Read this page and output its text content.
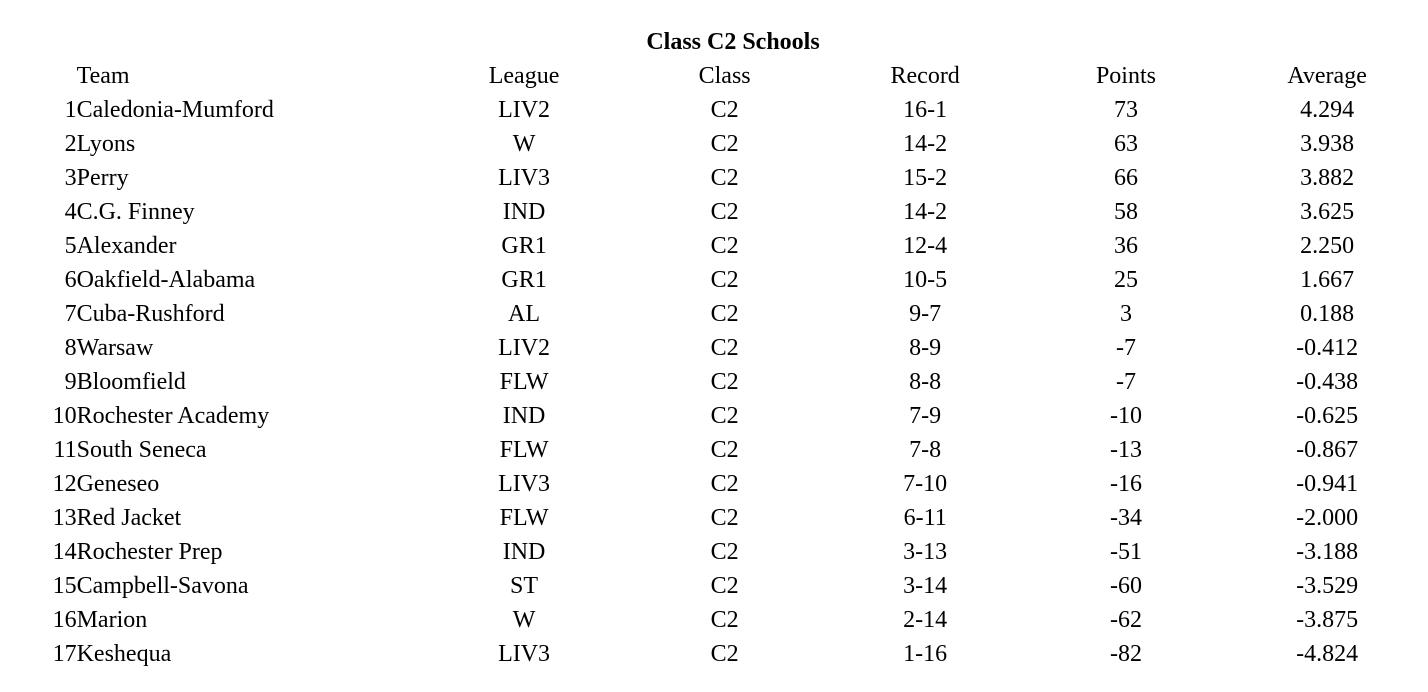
Class C2 Schools
	Team	League	Class	Record	Points	Average
1	Caledonia-Mumford	LIV2	C2	16-1	73	4.294
2	Lyons	W	C2	14-2	63	3.938
3	Perry	LIV3	C2	15-2	66	3.882
4	C.G. Finney	IND	C2	14-2	58	3.625
5	Alexander	GR1	C2	12-4	36	2.250
6	Oakfield-Alabama	GR1	C2	10-5	25	1.667
7	Cuba-Rushford	AL	C2	9-7	3	0.188
8	Warsaw	LIV2	C2	8-9	-7	-0.412
9	Bloomfield	FLW	C2	8-8	-7	-0.438
10	Rochester Academy	IND	C2	7-9	-10	-0.625
11	South Seneca	FLW	C2	7-8	-13	-0.867
12	Geneseo	LIV3	C2	7-10	-16	-0.941
13	Red Jacket	FLW	C2	6-11	-34	-2.000
14	Rochester Prep	IND	C2	3-13	-51	-3.188
15	Campbell-Savona	ST	C2	3-14	-60	-3.529
16	Marion	W	C2	2-14	-62	-3.875
17	Keshequa	LIV3	C2	1-16	-82	-4.824
